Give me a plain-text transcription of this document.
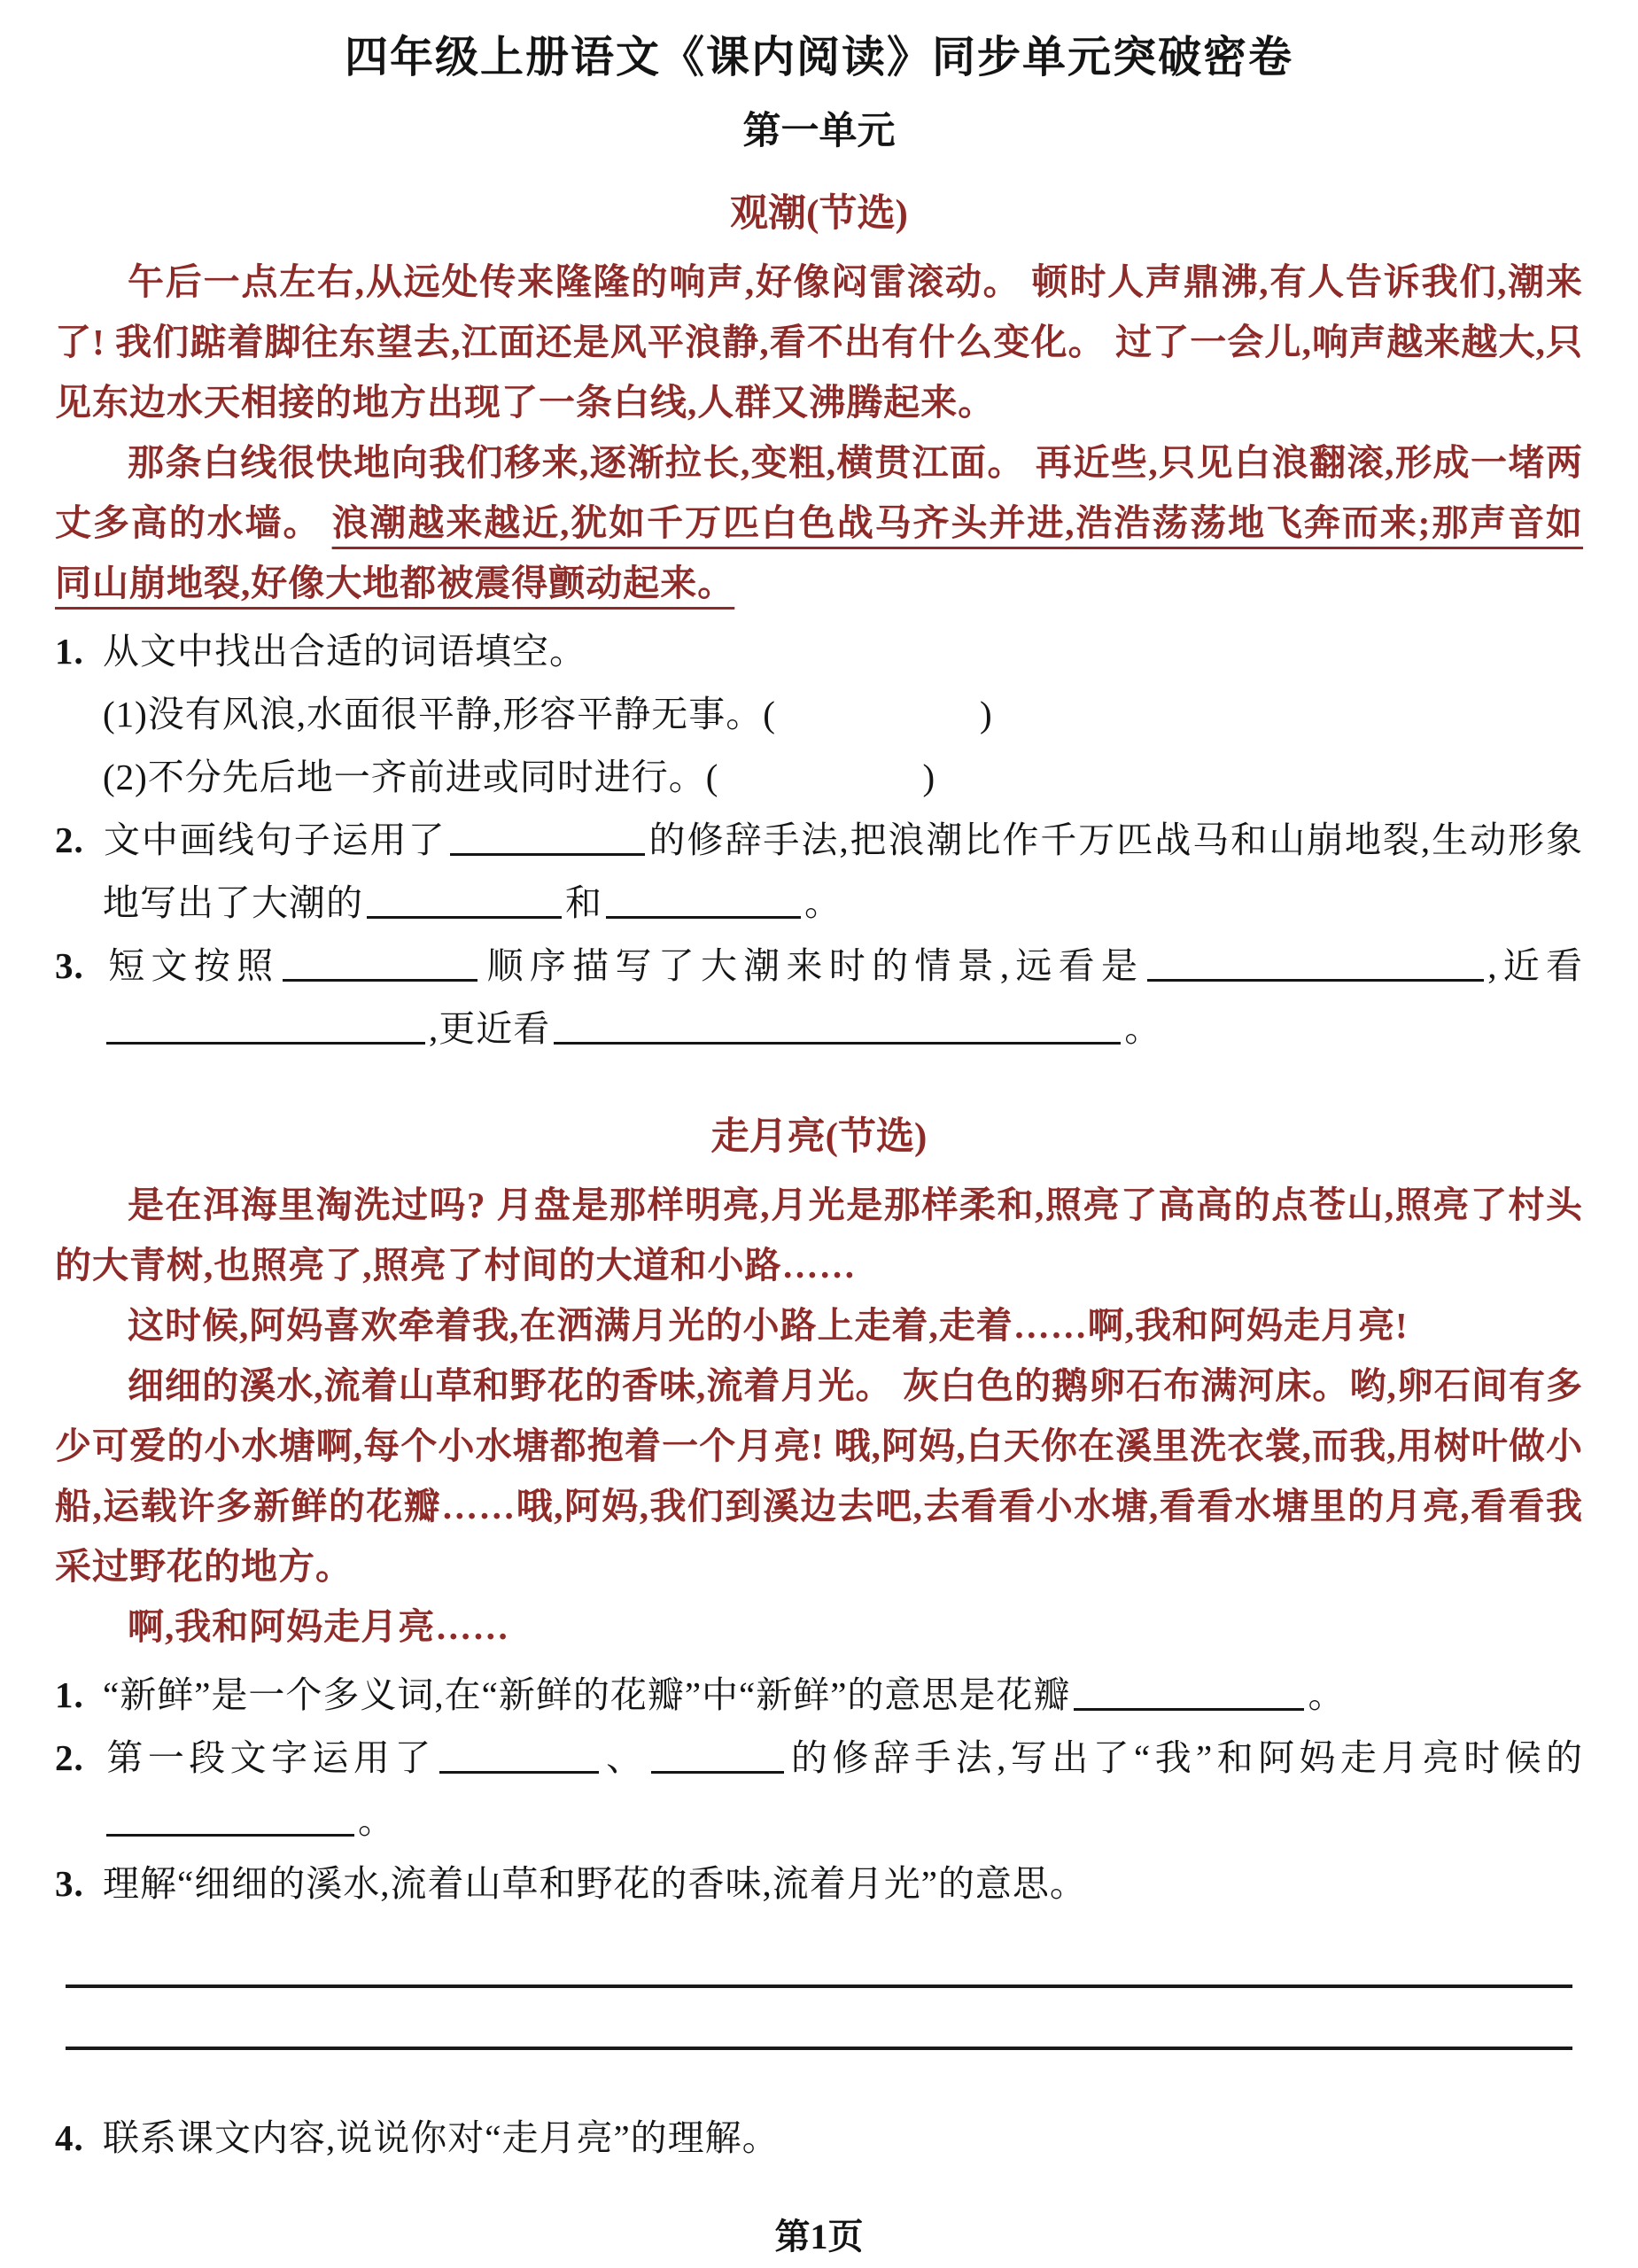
四年级上册语文《课内阅读》同步单元突破密卷
第一单元
观潮(节选)

午后一点左右,从远处传来隆隆的响声,好像闷雷滚动。 顿时人声鼎沸,有人告诉我们,潮来了! 我们踮着脚往东望去,江面还是风平浪静,看不出有什么变化。 过了一会儿,响声越来越大,只见东边水天相接的地方出现了一条白线,人群又沸腾起来。

那条白线很快地向我们移来,逐渐拉长,变粗,横贯江面。 再近些,只见白浪翻滚,形成一堵两丈多高的水墙。 浪潮越来越近,犹如千万匹白色战马齐头并进,浩浩荡荡地飞奔而来;那声音如同山崩地裂,好像大地都被震得颤动起来。

1. 从文中找出合适的词语填空。
(1)没有风浪,水面很平静,形容平静无事。(	)
(2)不分先后地一齐前进或同时进行。(	)
2. 文中画线句子运用了	的修辞手法,把浪潮比作千万匹战马和山崩地裂,生动形象地写出了大潮的	和	。
3. 短文按照	顺序描写了大潮来时的情景,远看是	,近看,更近看	。
走月亮(节选)

是在洱海里淘洗过吗? 月盘是那样明亮,月光是那样柔和,照亮了高高的点苍山,照亮了村头的大青树,也照亮了,照亮了村间的大道和小路……

这时候,阿妈喜欢牵着我,在洒满月光的小路上走着,走着……啊,我和阿妈走月亮!

细细的溪水,流着山草和野花的香味,流着月光。 灰白色的鹅卵石布满河床。哟,卵石间有多少可爱的小水塘啊,每个小水塘都抱着一个月亮! 哦,阿妈,白天你在溪里洗衣裳,而我,用树叶做小船,运载许多新鲜的花瓣……哦,阿妈,我们到溪边去吧,去看看小水塘,看看水塘里的月亮,看看我采过野花的地方。

啊,我和阿妈走月亮……

1. “新鲜”是一个多义词,在“新鲜的花瓣”中“新鲜”的意思是花瓣	。
2. 第一段文字运用了	、	的修辞手法,写出了“我”和阿妈走月亮时候的。
3. 理解“细细的溪水,流着山草和野花的香味,流着月光”的意思。
4. 联系课文内容,说说你对“走月亮”的理解。
第1页
